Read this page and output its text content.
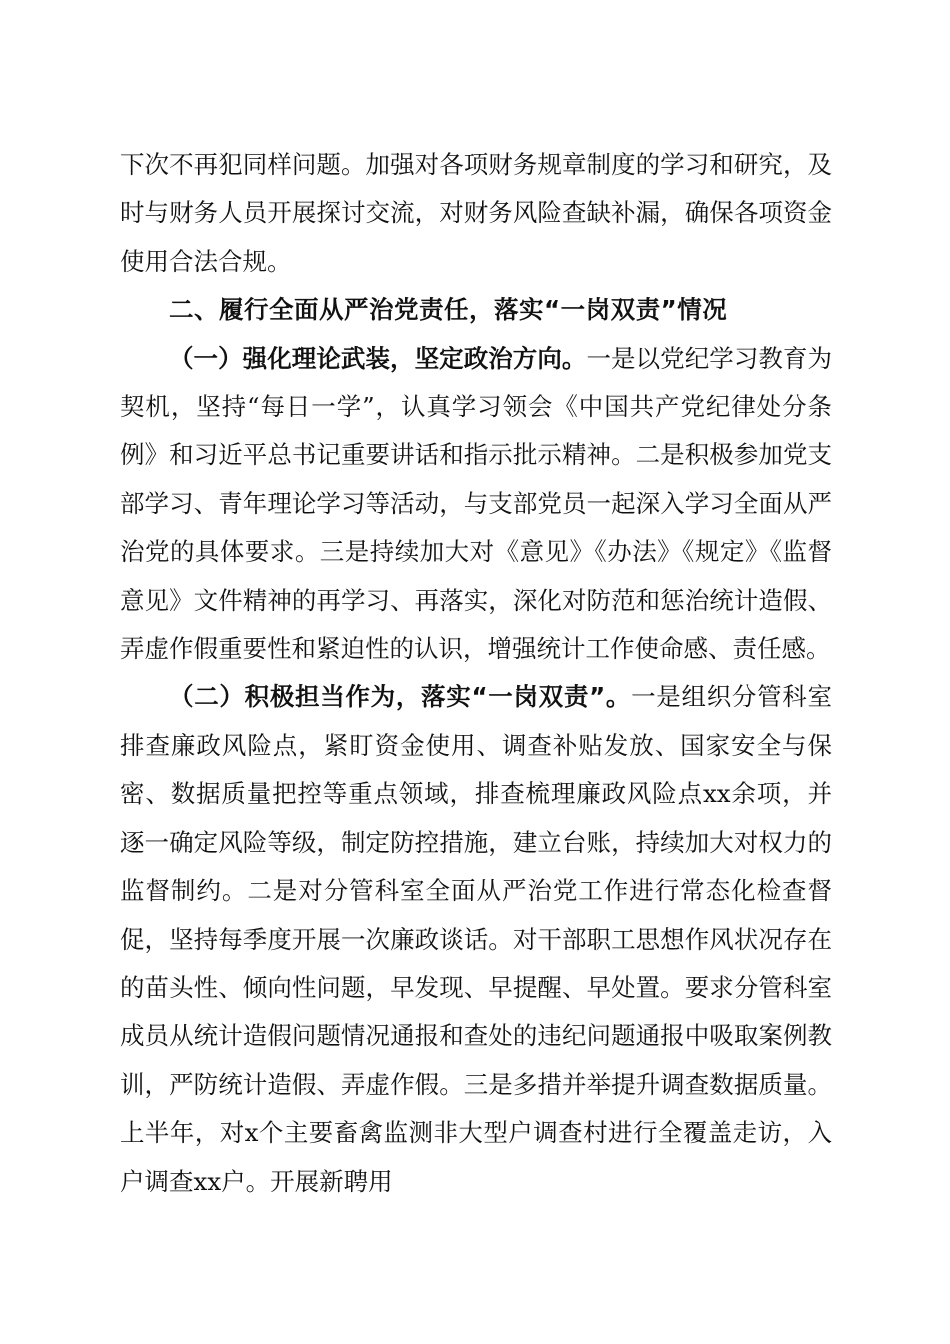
下次不再犯同样问题。加强对各项财务规章制度的学习和研究，及时与财务人员开展探讨交流，对财务风险查缺补漏，确保各项资金使用合法合规。

二、履行全面从严治党责任，落实“一岗双责”情况

（一）强化理论武装，坚定政治方向。一是以党纪学习教育为契机，坚持“每日一学”，认真学习领会《中国共产党纪律处分条例》和习近平总书记重要讲话和指示批示精神。二是积极参加党支部学习、青年理论学习等活动，与支部党员一起深入学习全面从严治党的具体要求。三是持续加大对《意见》《办法》《规定》《监督意见》文件精神的再学习、再落实，深化对防范和惩治统计造假、弄虚作假重要性和紧迫性的认识，增强统计工作使命感、责任感。

（二）积极担当作为，落实“一岗双责”。一是组织分管科室排查廉政风险点，紧盯资金使用、调查补贴发放、国家安全与保密、数据质量把控等重点领域，排查梳理廉政风险点xx余项，并逐一确定风险等级，制定防控措施，建立台账，持续加大对权力的监督制约。二是对分管科室全面从严治党工作进行常态化检查督促，坚持每季度开展一次廉政谈话。对干部职工思想作风状况存在的苗头性、倾向性问题，早发现、早提醒、早处置。要求分管科室成员从统计造假问题情况通报和查处的违纪问题通报中吸取案例教训，严防统计造假、弄虚作假。三是多措并举提升调查数据质量。上半年，对x个主要畜禽监测非大型户调查村进行全覆盖走访，入户调查xx户。开展新聘用
